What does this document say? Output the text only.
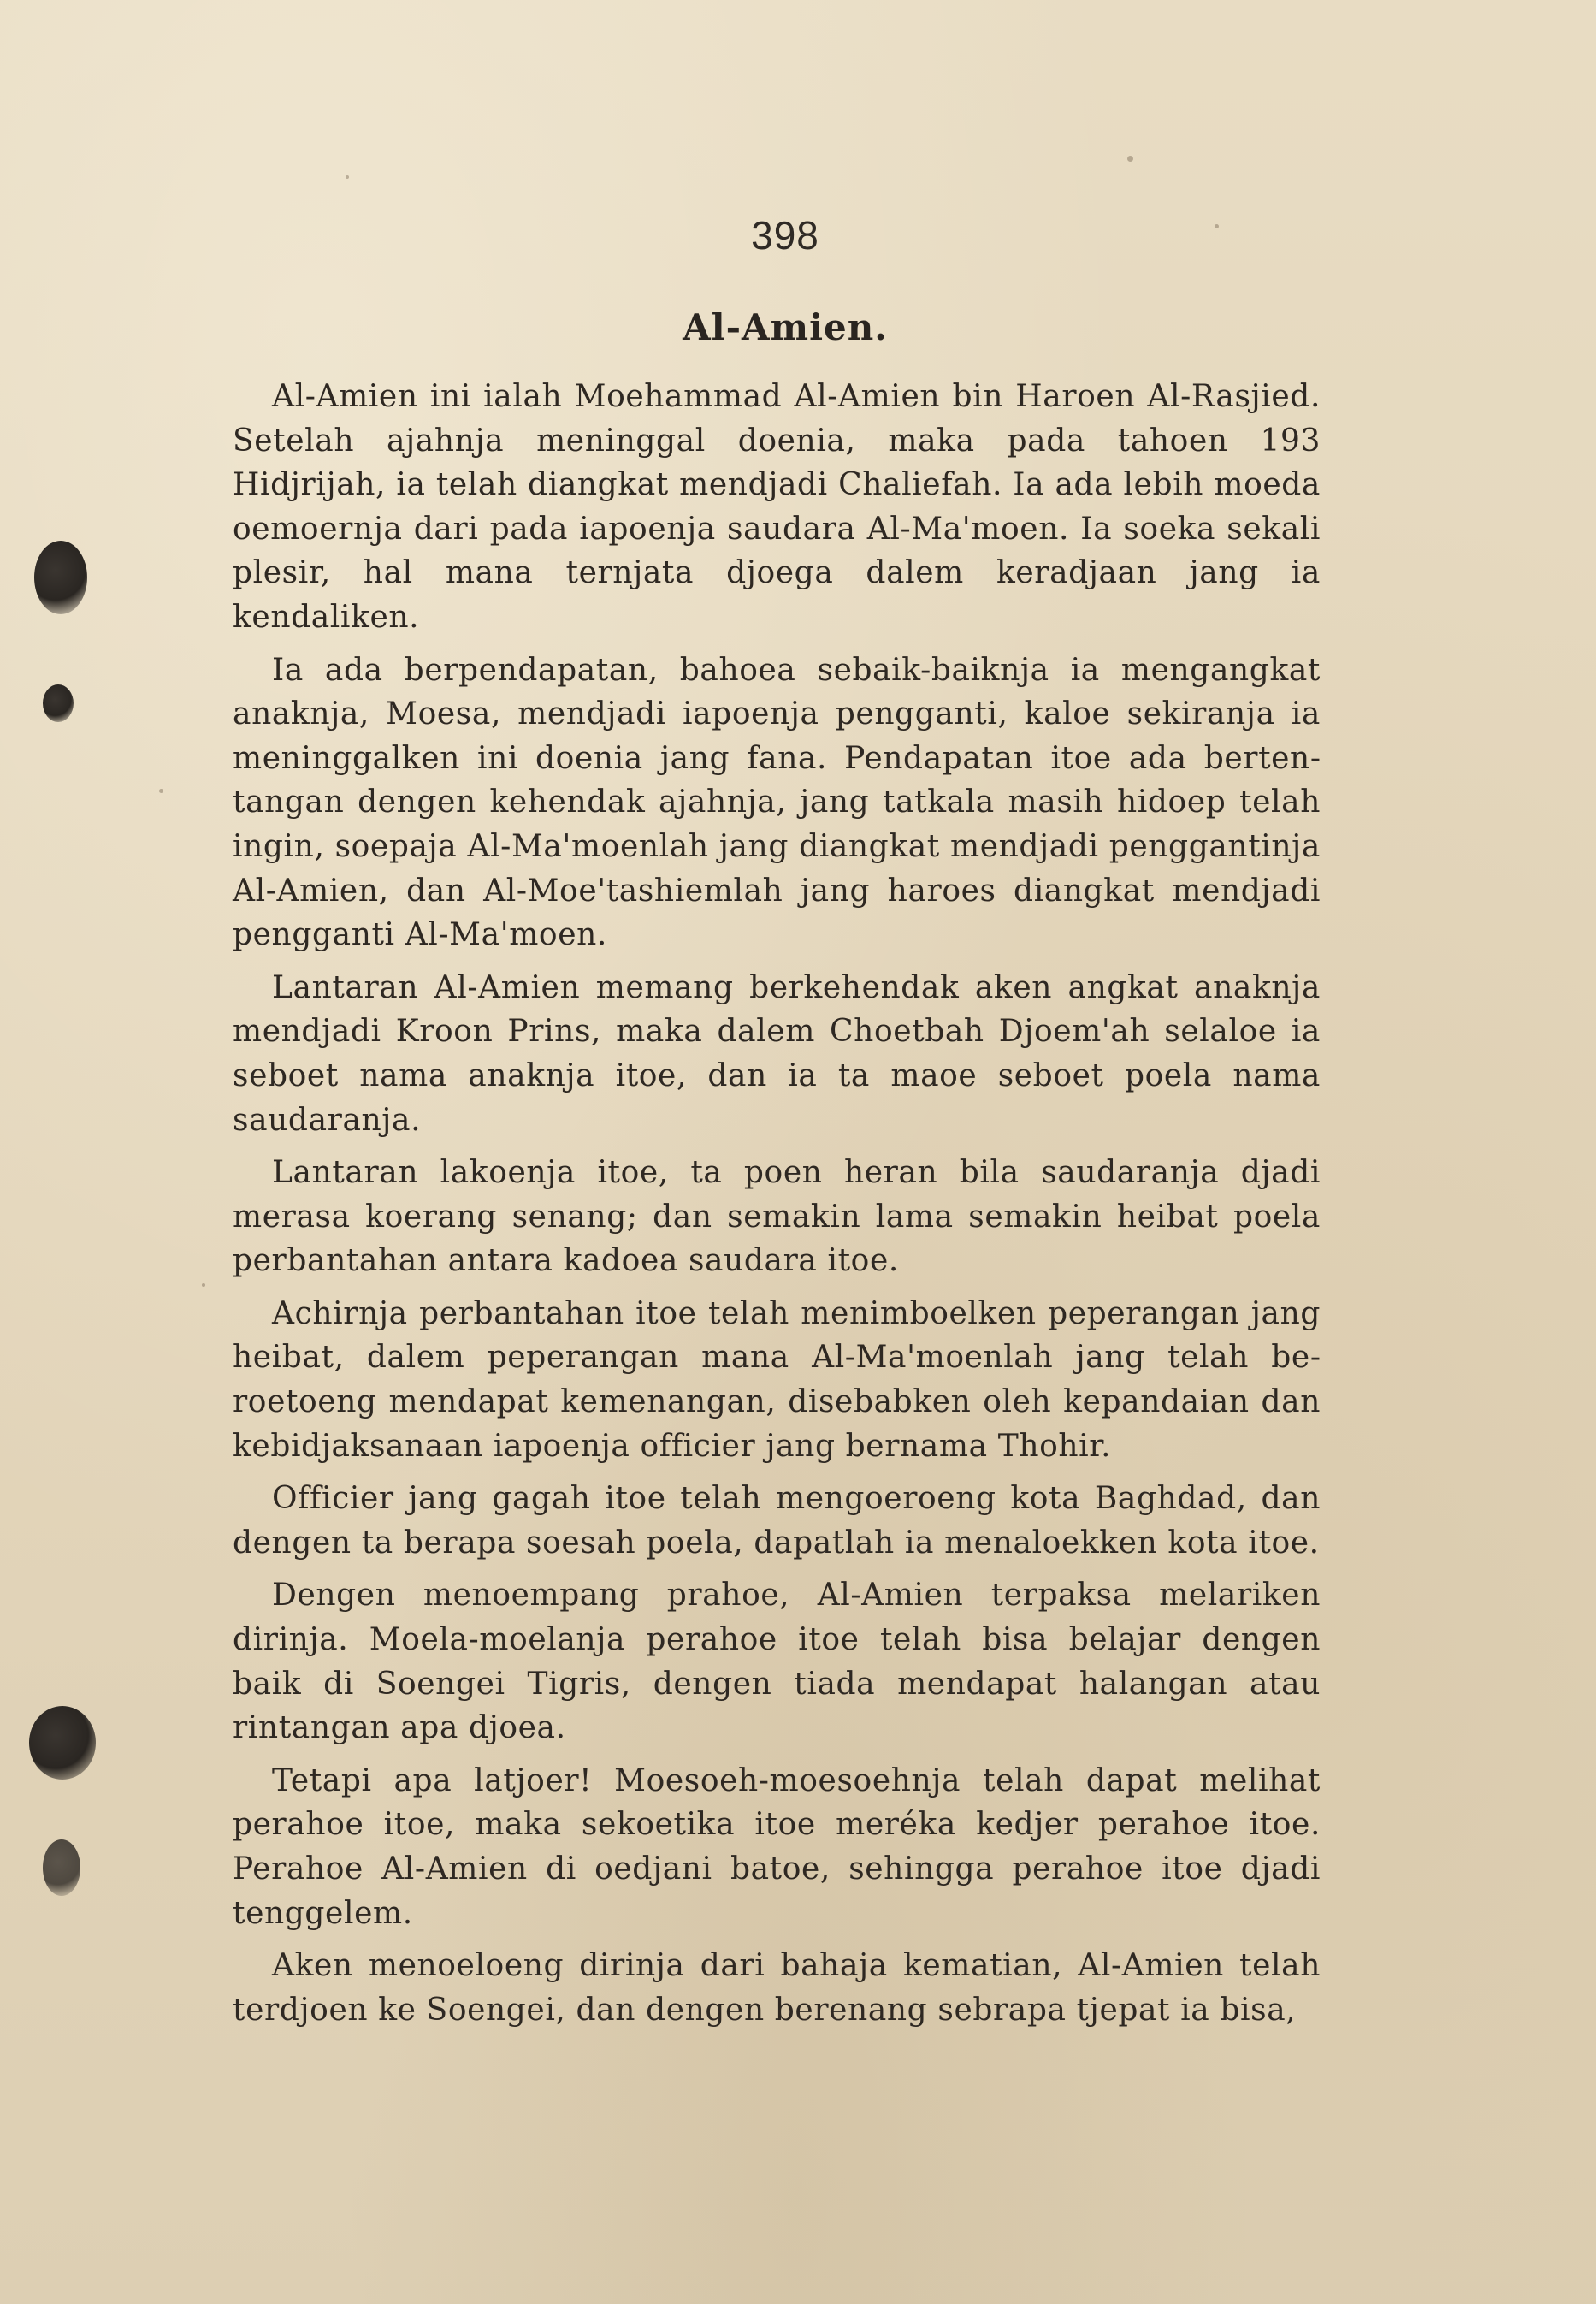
398
Al-Amien.

Al-Amien ini ialah Moehammad Al-Amien bin Haroen Al-Rasjied. Setelah ajahnja meninggal doenia, maka pada tahoen 193 Hidjrijah, ia telah diangkat mendjadi Chaliefah. Ia ada lebih moeda oemoernja dari pada iapoenja saudara Al-Ma'moen. Ia soeka sekali plesir, hal mana ternjata djoega dalem keradjaan jang ia kendaliken.

Ia ada berpendapatan, bahoea sebaik-baiknja ia mengangkat anaknja, Moesa, mendjadi iapoenja pengganti, kaloe sekiranja ia meninggalken ini doenia jang fana. Pendapatan itoe ada bertentangan dengen kehendak ajahnja, jang tatkala masih hidoep telah ingin, soepaja Al-Ma'moenlah jang diangkat mendjadi penggantinja Al-Amien, dan Al-Moe'tashiemlah jang haroes diangkat mendjadi pengganti Al-Ma'moen.

Lantaran Al-Amien memang berkehendak aken angkat anaknja mendjadi Kroon Prins, maka dalem Choetbah Djoem'ah selaloe ia seboet nama anaknja itoe, dan ia ta maoe seboet poela nama saudaranja.

Lantaran lakoenja itoe, ta poen heran bila saudaranja djadi merasa koerang senang; dan semakin lama semakin heibat poela perbantahan antara kadoea saudara itoe.

Achirnja perbantahan itoe telah menimboelken peperangan jang heibat, dalem peperangan mana Al-Ma'moenlah jang telah beroetoeng mendapat kemenangan, disebabken oleh kepandaian dan kebidjaksanaan iapoenja officier jang bernama Thohir.

Officier jang gagah itoe telah mengoeroeng kota Baghdad, dan dengen ta berapa soesah poela, dapatlah ia menaloekken kota itoe.

Dengen menoempang prahoe, Al-Amien terpaksa melariken dirinja. Moela-moelanja perahoe itoe telah bisa belajar dengen baik di Soengei Tigris, dengen tiada mendapat halangan atau rintangan apa djoea.

Tetapi apa latjoer! Moesoeh-moesoehnja telah dapat melihat perahoe itoe, maka sekoetika itoe meréka kedjer perahoe itoe. Perahoe Al-Amien di oedjani batoe, sehingga perahoe itoe djadi tenggelem.

Aken menoeloeng dirinja dari bahaja kematian, Al-Amien telah terdjoen ke Soengei, dan dengen berenang sebrapa tjepat ia bisa,
